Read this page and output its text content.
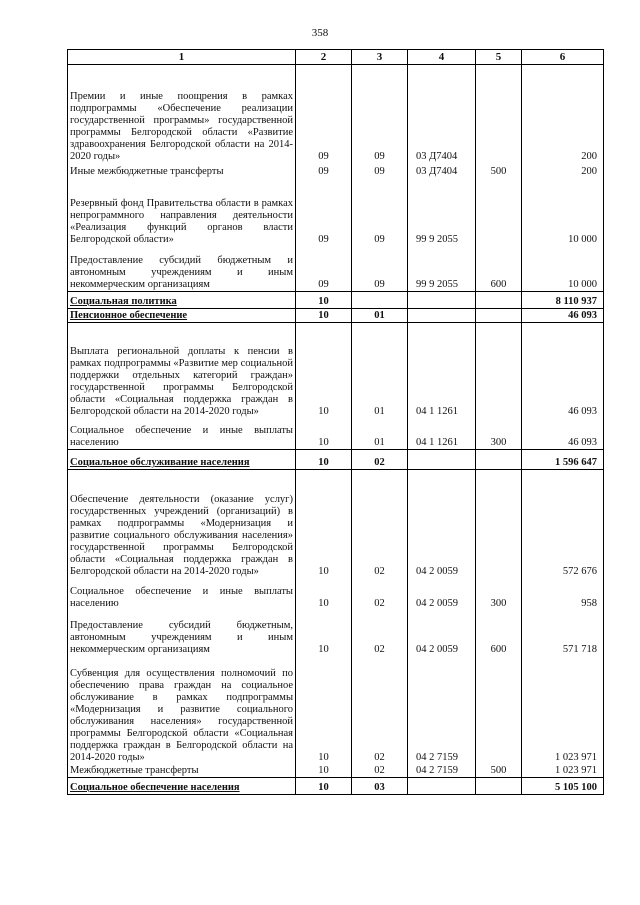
358
1	2	3	4	5	6
Премии и иные поощрения в рамках подпрограммы «Обеспечение реализации государственной программы» государственной программы Белгородской области «Развитие здравоохранения Белгородской области на 2014-2020 годы»	09	09	03 Д7404		200
Иные межбюджетные трансферты	09	09	03 Д7404	500	200
Резервный фонд Правительства области в рамках непрограммного направления деятельности «Реализация функций органов власти Белгородской области»	09	09	99 9 2055		10 000
Предоставление субсидий бюджетным и автономным учреждениям и иным некоммерческим организациям	09	09	99 9 2055	600	10 000
Социальная политика	10				8 110 937
Пенсионное обеспечение	10	01			46 093
Выплата региональной доплаты к пенсии в рамках подпрограммы «Развитие мер социальной поддержки отдельных категорий граждан» государственной программы Белгородской области «Социальная поддержка граждан в Белгородской области на 2014-2020 годы»	10	01	04 1 1261		46 093
Социальное обеспечение и иные выплаты населению	10	01	04 1 1261	300	46 093
Социальное обслуживание населения	10	02			1 596 647
Обеспечение деятельности (оказание услуг) государственных учреждений (организаций) в рамках подпрограммы «Модернизация и развитие социального обслуживания населения» государственной программы Белгородской области «Социальная поддержка граждан в Белгородской области на 2014-2020 годы»	10	02	04 2 0059		572 676
Социальное обеспечение и иные выплаты населению	10	02	04 2 0059	300	958
Предоставление субсидий бюджетным, автономным учреждениям и иным некоммерческим организациям	10	02	04 2 0059	600	571 718
Субвенция для осуществления полномочий по обеспечению права граждан на социальное обслуживание в рамках подпрограммы «Модернизация и развитие социального обслуживания населения» государственной программы Белгородской области «Социальная поддержка граждан в Белгородской области на 2014-2020 годы»	10	02	04 2 7159		1 023 971
Межбюджетные трансферты	10	02	04 2 7159	500	1 023 971
Социальное обеспечение населения	10	03			5 105 100
